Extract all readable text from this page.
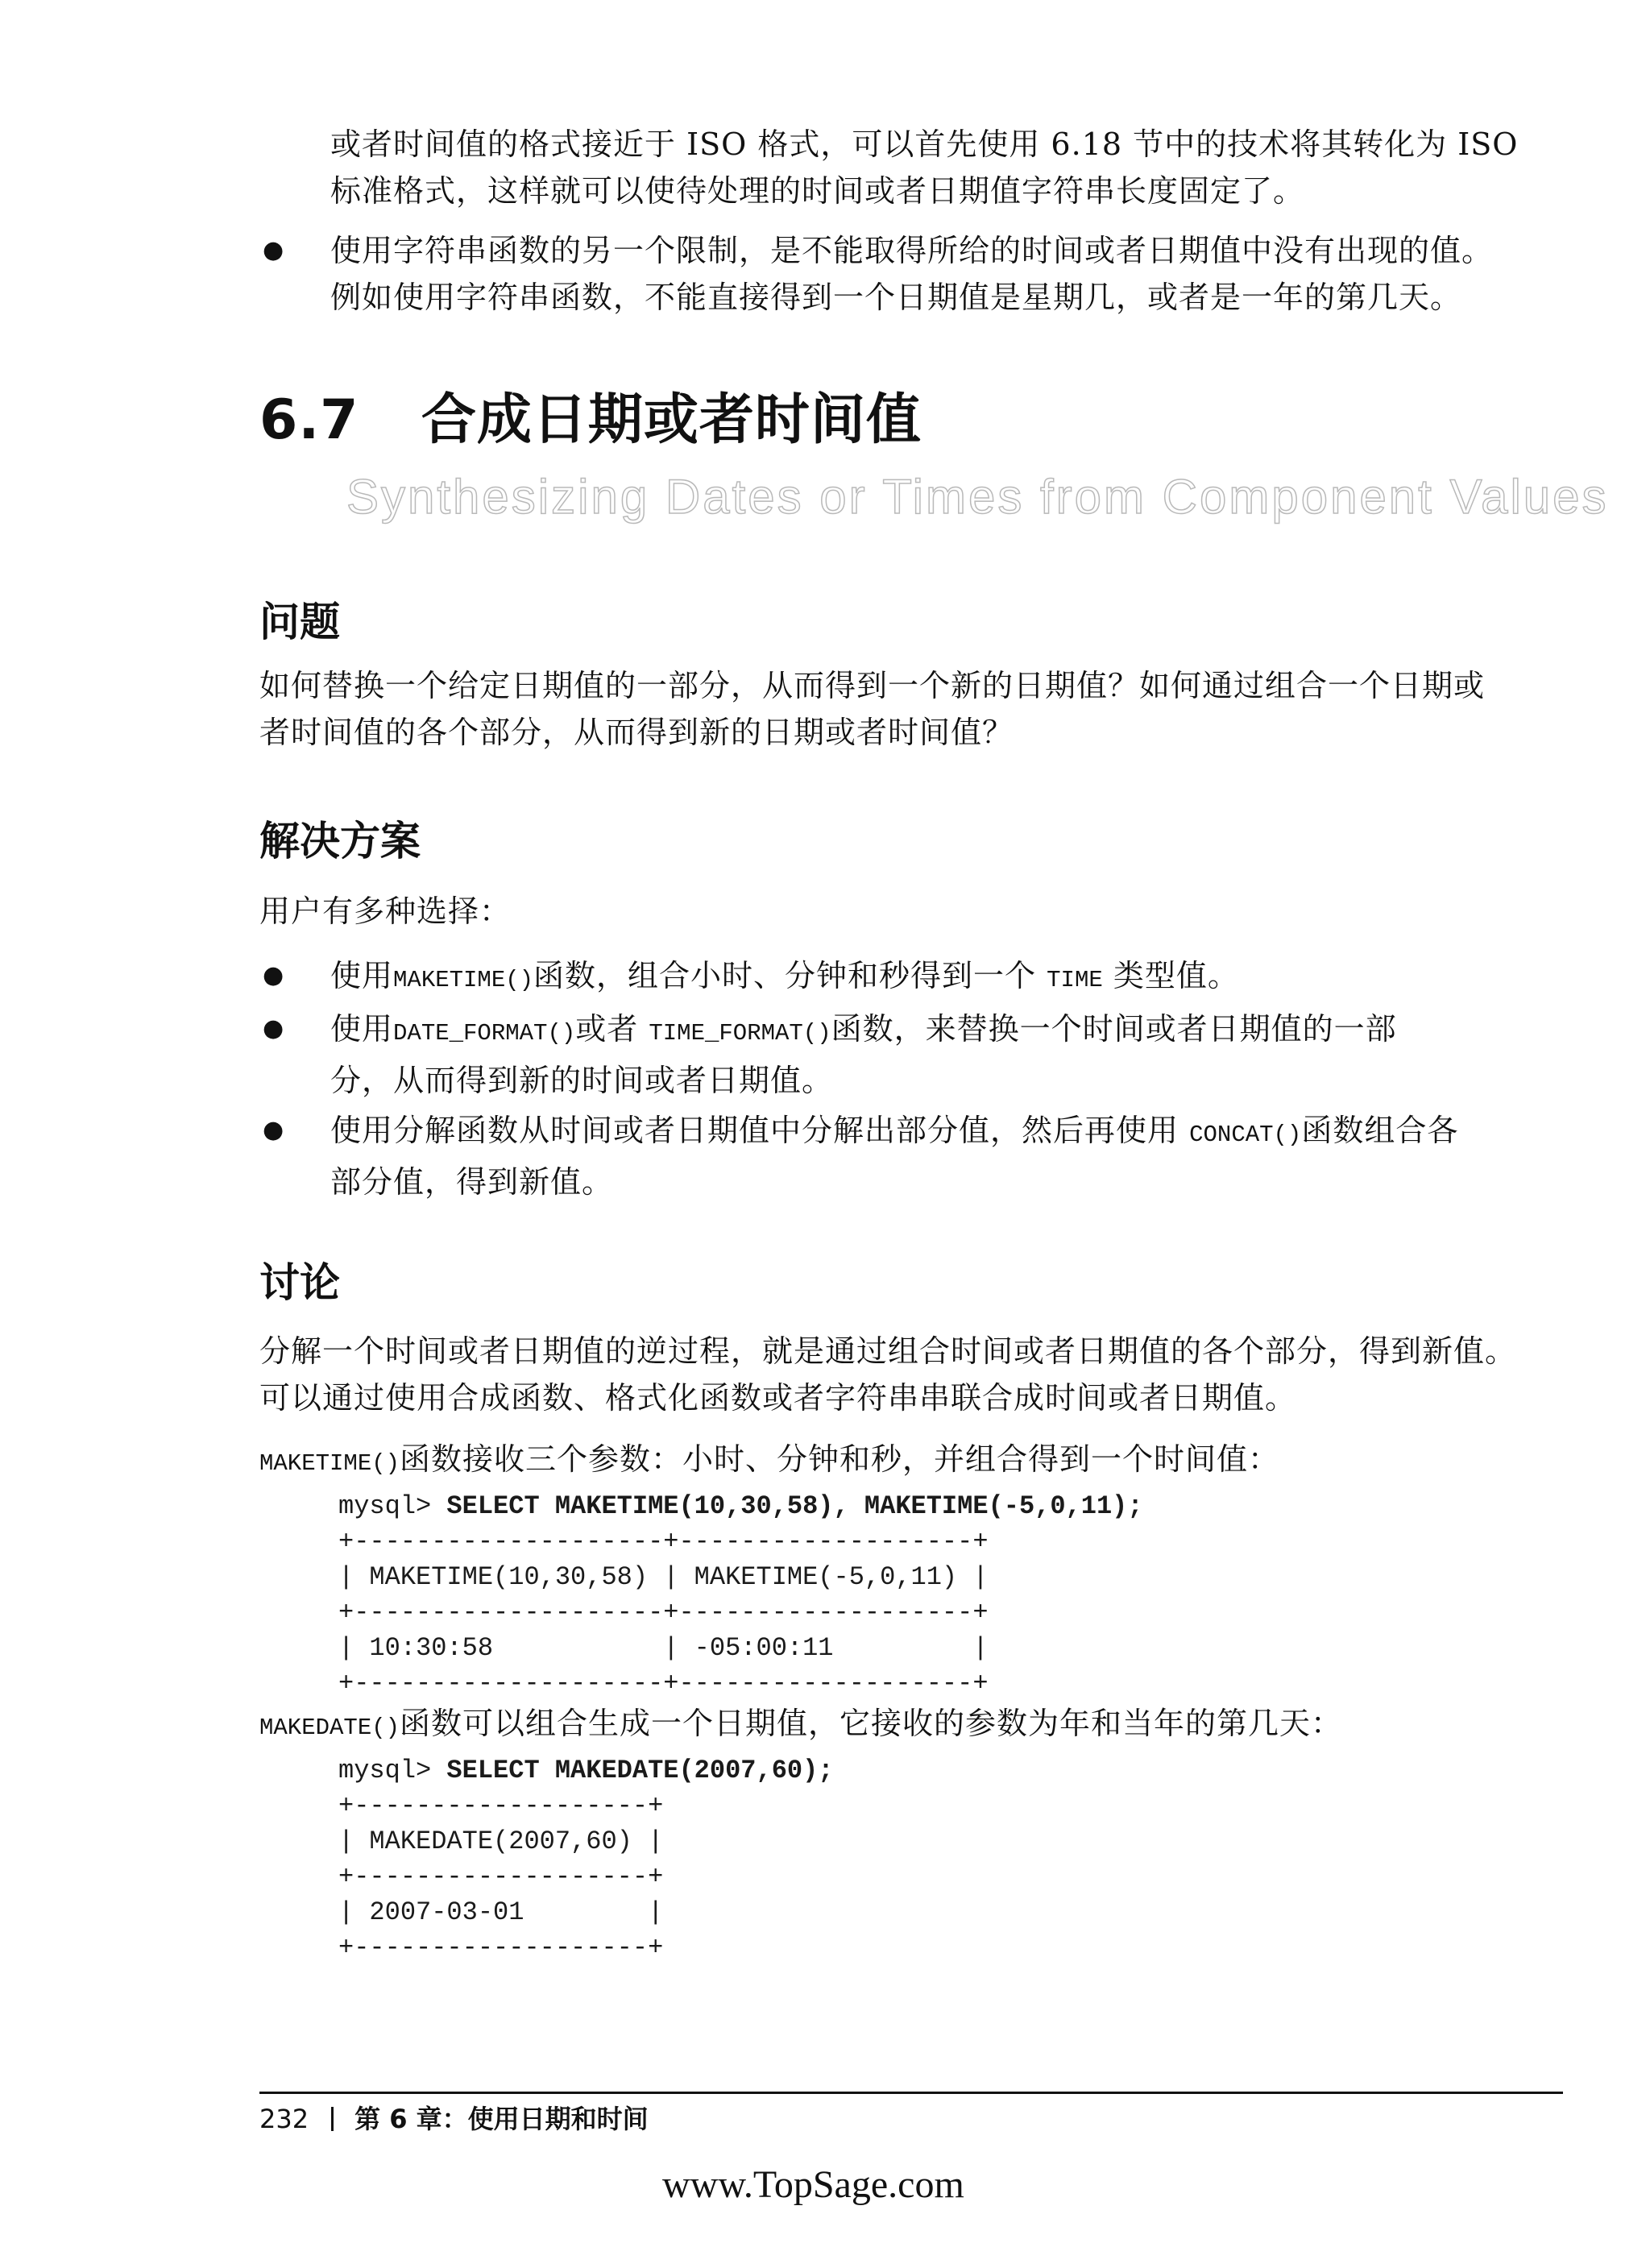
或者时间值的格式接近于 ISO 格式，可以首先使用 6.18 节中的技术将其转化为 ISO
标准格式，这样就可以使待处理的时间或者日期值字符串长度固定了。
● 使用字符串函数的另一个限制，是不能取得所给的时间或者日期值中没有出现的值。
例如使用字符串函数，不能直接得到一个日期值是星期几，或者是一年的第几天。
6.7 合成日期或者时间值
Synthesizing Dates or Times from Component Values
问题
如何替换一个给定日期值的一部分，从而得到一个新的日期值？如何通过组合一个日期或
者时间值的各个部分，从而得到新的日期或者时间值？
解决方案
用户有多种选择：
● 使用MAKETIME()函数，组合小时、分钟和秒得到一个 TIME 类型值。
● 使用DATE_FORMAT()或者 TIME_FORMAT()函数，来替换一个时间或者日期值的一部
分，从而得到新的时间或者日期值。
● 使用分解函数从时间或者日期值中分解出部分值，然后再使用 CONCAT()函数组合各
部分值，得到新值。
讨论
分解一个时间或者日期值的逆过程，就是通过组合时间或者日期值的各个部分，得到新值。
可以通过使用合成函数、格式化函数或者字符串串联合成时间或者日期值。
MAKETIME()函数接收三个参数：小时、分钟和秒，并组合得到一个时间值：
mysql> SELECT MAKETIME(10,30,58), MAKETIME(-5,0,11);
+--------------------+-------------------+
| MAKETIME(10,30,58) | MAKETIME(-5,0,11) |
+--------------------+-------------------+
| 10:30:58           | -05:00:11         |
+--------------------+-------------------+
MAKEDATE()函数可以组合生成一个日期值，它接收的参数为年和当年的第几天：
mysql> SELECT MAKEDATE(2007,60);
+-------------------+
| MAKEDATE(2007,60) |
+-------------------+
| 2007-03-01        |
+-------------------+
232 第 6 章：使用日期和时间
www.TopSage.com
